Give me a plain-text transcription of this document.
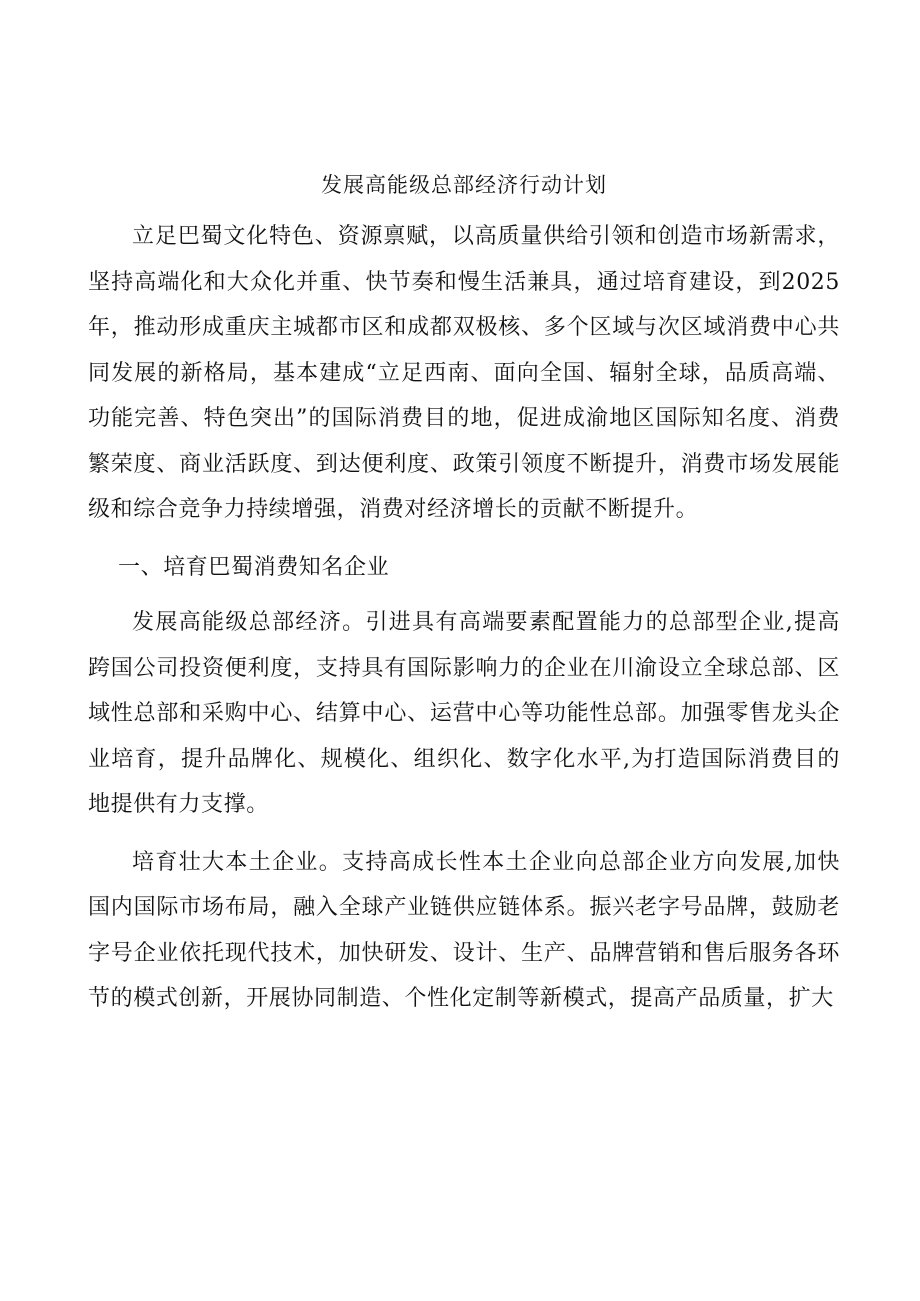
发展高能级总部经济行动计划

立足巴蜀文化特色、资源禀赋，以高质量供给引领和创造市场新需求，坚持高端化和大众化并重、快节奏和慢生活兼具，通过培育建设，到2025年，推动形成重庆主城都市区和成都双极核、多个区域与次区域消费中心共同发展的新格局，基本建成“立足西南、面向全国、辐射全球，品质高端、功能完善、特色突出”的国际消费目的地，促进成渝地区国际知名度、消费繁荣度、商业活跃度、到达便利度、政策引领度不断提升，消费市场发展能级和综合竞争力持续增强，消费对经济增长的贡献不断提升。

一、培育巴蜀消费知名企业

发展高能级总部经济。引进具有高端要素配置能力的总部型企业,提高跨国公司投资便利度，支持具有国际影响力的企业在川渝设立全球总部、区域性总部和采购中心、结算中心、运营中心等功能性总部。加强零售龙头企业培育，提升品牌化、规模化、组织化、数字化水平,为打造国际消费目的地提供有力支撑。

培育壮大本土企业。支持高成长性本土企业向总部企业方向发展,加快国内国际市场布局，融入全球产业链供应链体系。振兴老字号品牌，鼓励老字号企业依托现代技术，加快研发、设计、生产、品牌营销和售后服务各环节的模式创新，开展协同制造、个性化定制等新模式，提高产品质量，扩大
